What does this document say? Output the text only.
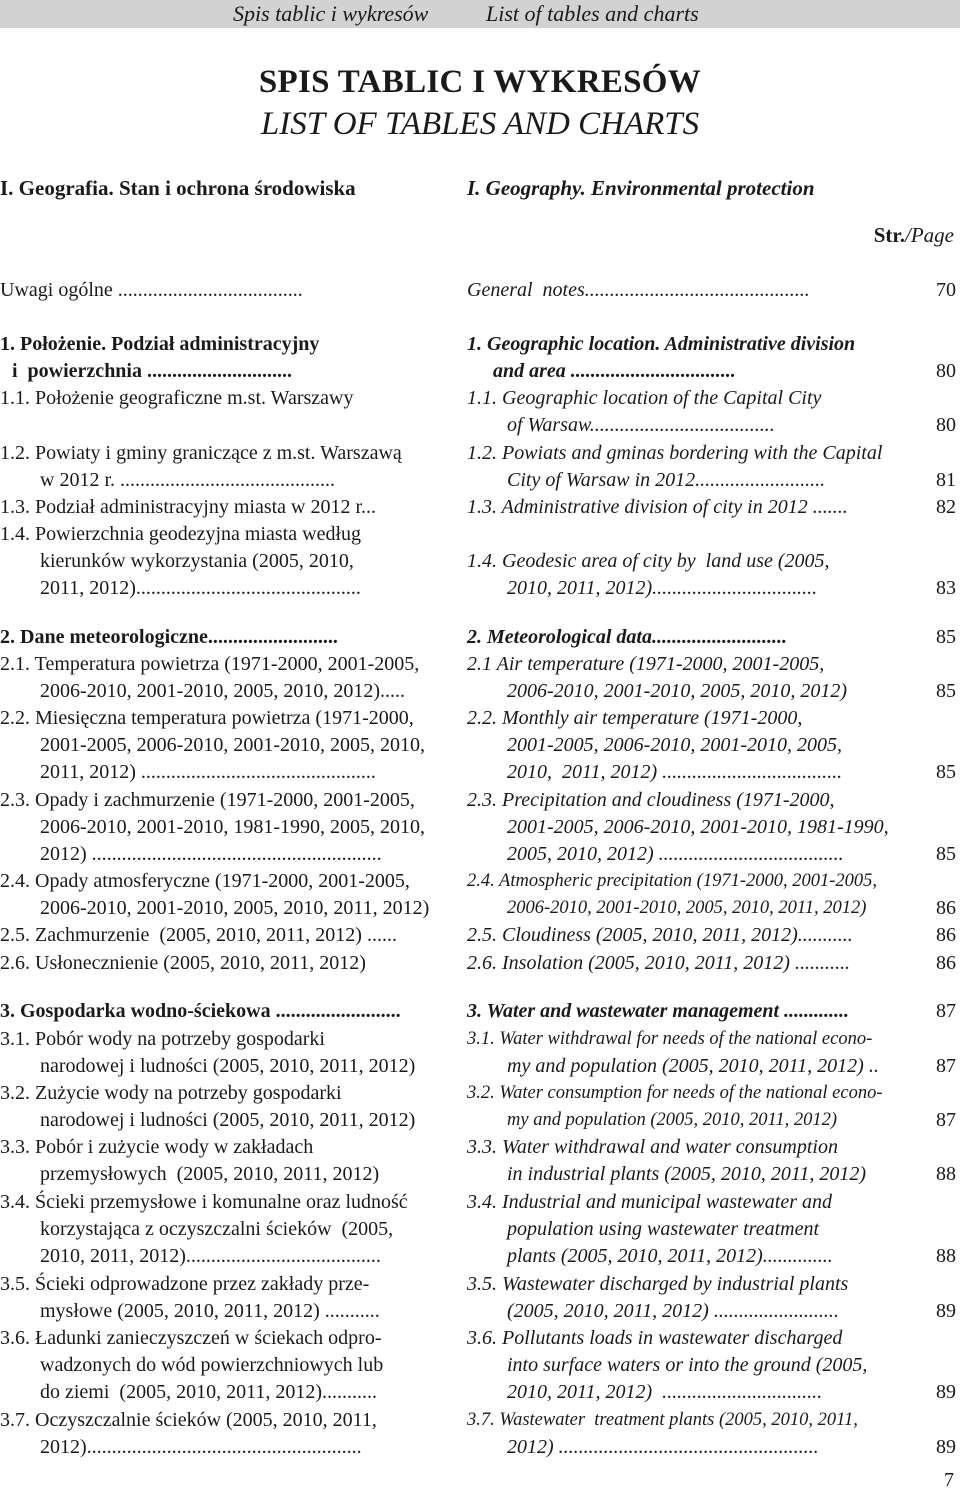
Spis tablic i wykresów	List of tables and charts
SPIS TABLIC I WYKRESÓW
LIST OF TABLES AND CHARTS
I. Geografia. Stan i ochrona środowiska	I. Geography. Environmental protection
Str./Page
Uwagi ogólne .....................................
1. Położenie. Podział administracyjny
i  powierzchnia .............................
1.1. Położenie geograficzne m.st. Warszawy
1.2. Powiaty i gminy graniczące z m.st. Warszawą
w 2012 r. ...........................................
1.3. Podział administracyjny miasta w 2012 r...
1.4. Powierzchnia geodezyjna miasta według
kierunków wykorzystania (2005, 2010,
2011, 2012).............................................
2. Dane meteorologiczne..........................
2.1. Temperatura powietrza (1971-2000, 2001-2005,
2006-2010, 2001-2010, 2005, 2010, 2012).....
2.2. Miesięczna temperatura powietrza (1971-2000,
2001-2005, 2006-2010, 2001-2010, 2005, 2010,
2011, 2012) ...............................................
2.3. Opady i zachmurzenie (1971-2000, 2001-2005,
2006-2010, 2001-2010, 1981-1990, 2005, 2010,
2012) ..........................................................
2.4. Opady atmosferyczne (1971-2000, 2001-2005,
2006-2010, 2001-2010, 2005, 2010, 2011, 2012)
2.5. Zachmurzenie  (2005, 2010, 2011, 2012) ......
2.6. Usłonecznienie (2005, 2010, 2011, 2012)
3. Gospodarka wodno-ściekowa .........................
3.1. Pobór wody na potrzeby gospodarki
narodowej i ludności (2005, 2010, 2011, 2012)
3.2. Zużycie wody na potrzeby gospodarki
narodowej i ludności (2005, 2010, 2011, 2012)
3.3. Pobór i zużycie wody w zakładach
przemysłowych  (2005, 2010, 2011, 2012)
3.4. Ścieki przemysłowe i komunalne oraz ludność
korzystająca z oczyszczalni ścieków  (2005,
2010, 2011, 2012).......................................
3.5. Ścieki odprowadzone przez zakłady prze-
mysłowe (2005, 2010, 2011, 2012) ...........
3.6. Ładunki zanieczyszczeń w ściekach odpro-
wadzonych do wód powierzchniowych lub
do ziemi  (2005, 2010, 2011, 2012)...........
3.7. Oczyszczalnie ścieków (2005, 2010, 2011,
2012).......................................................
General  notes.............................................
1. Geographic location. Administrative division
and area .................................
1.1. Geographic location of the Capital City
of Warsaw.....................................
1.2. Powiats and gminas bordering with the Capital
City of Warsaw in 2012..........................
1.3. Administrative division of city in 2012 .......
1.4. Geodesic area of city by  land use (2005,
2010, 2011, 2012).................................
2. Meteorological data...........................
2.1 Air temperature (1971-2000, 2001-2005,
2006-2010, 2001-2010, 2005, 2010, 2012)
2.2. Monthly air temperature (1971-2000,
2001-2005, 2006-2010, 2001-2010, 2005,
2010,  2011, 2012) ....................................
2.3. Precipitation and cloudiness (1971-2000,
2001-2005, 2006-2010, 2001-2010, 1981-1990,
2005, 2010, 2012) .....................................
2.4. Atmospheric precipitation (1971-2000, 2001-2005,
2006-2010, 2001-2010, 2005, 2010, 2011, 2012)
2.5. Cloudiness (2005, 2010, 2011, 2012)...........
2.6. Insolation (2005, 2010, 2011, 2012) ...........
3. Water and wastewater management .............
3.1. Water withdrawal for needs of the national econo-
my and population (2005, 2010, 2011, 2012) ..
3.2. Water consumption for needs of the national econo-
my and population (2005, 2010, 2011, 2012)
3.3. Water withdrawal and water consumption
in industrial plants (2005, 2010, 2011, 2012)
3.4. Industrial and municipal wastewater and
population using wastewater treatment
plants (2005, 2010, 2011, 2012)..............
3.5. Wastewater discharged by industrial plants
(2005, 2010, 2011, 2012) .........................
3.6. Pollutants loads in wastewater discharged
into surface waters or into the ground (2005,
2010, 2011, 2012)  ................................
3.7. Wastewater  treatment plants (2005, 2010, 2011,
2012) ....................................................
70
80
80
81
82
83
85
85
85
85
86
86
86
87
87
87
88
88
89
89
89
7
